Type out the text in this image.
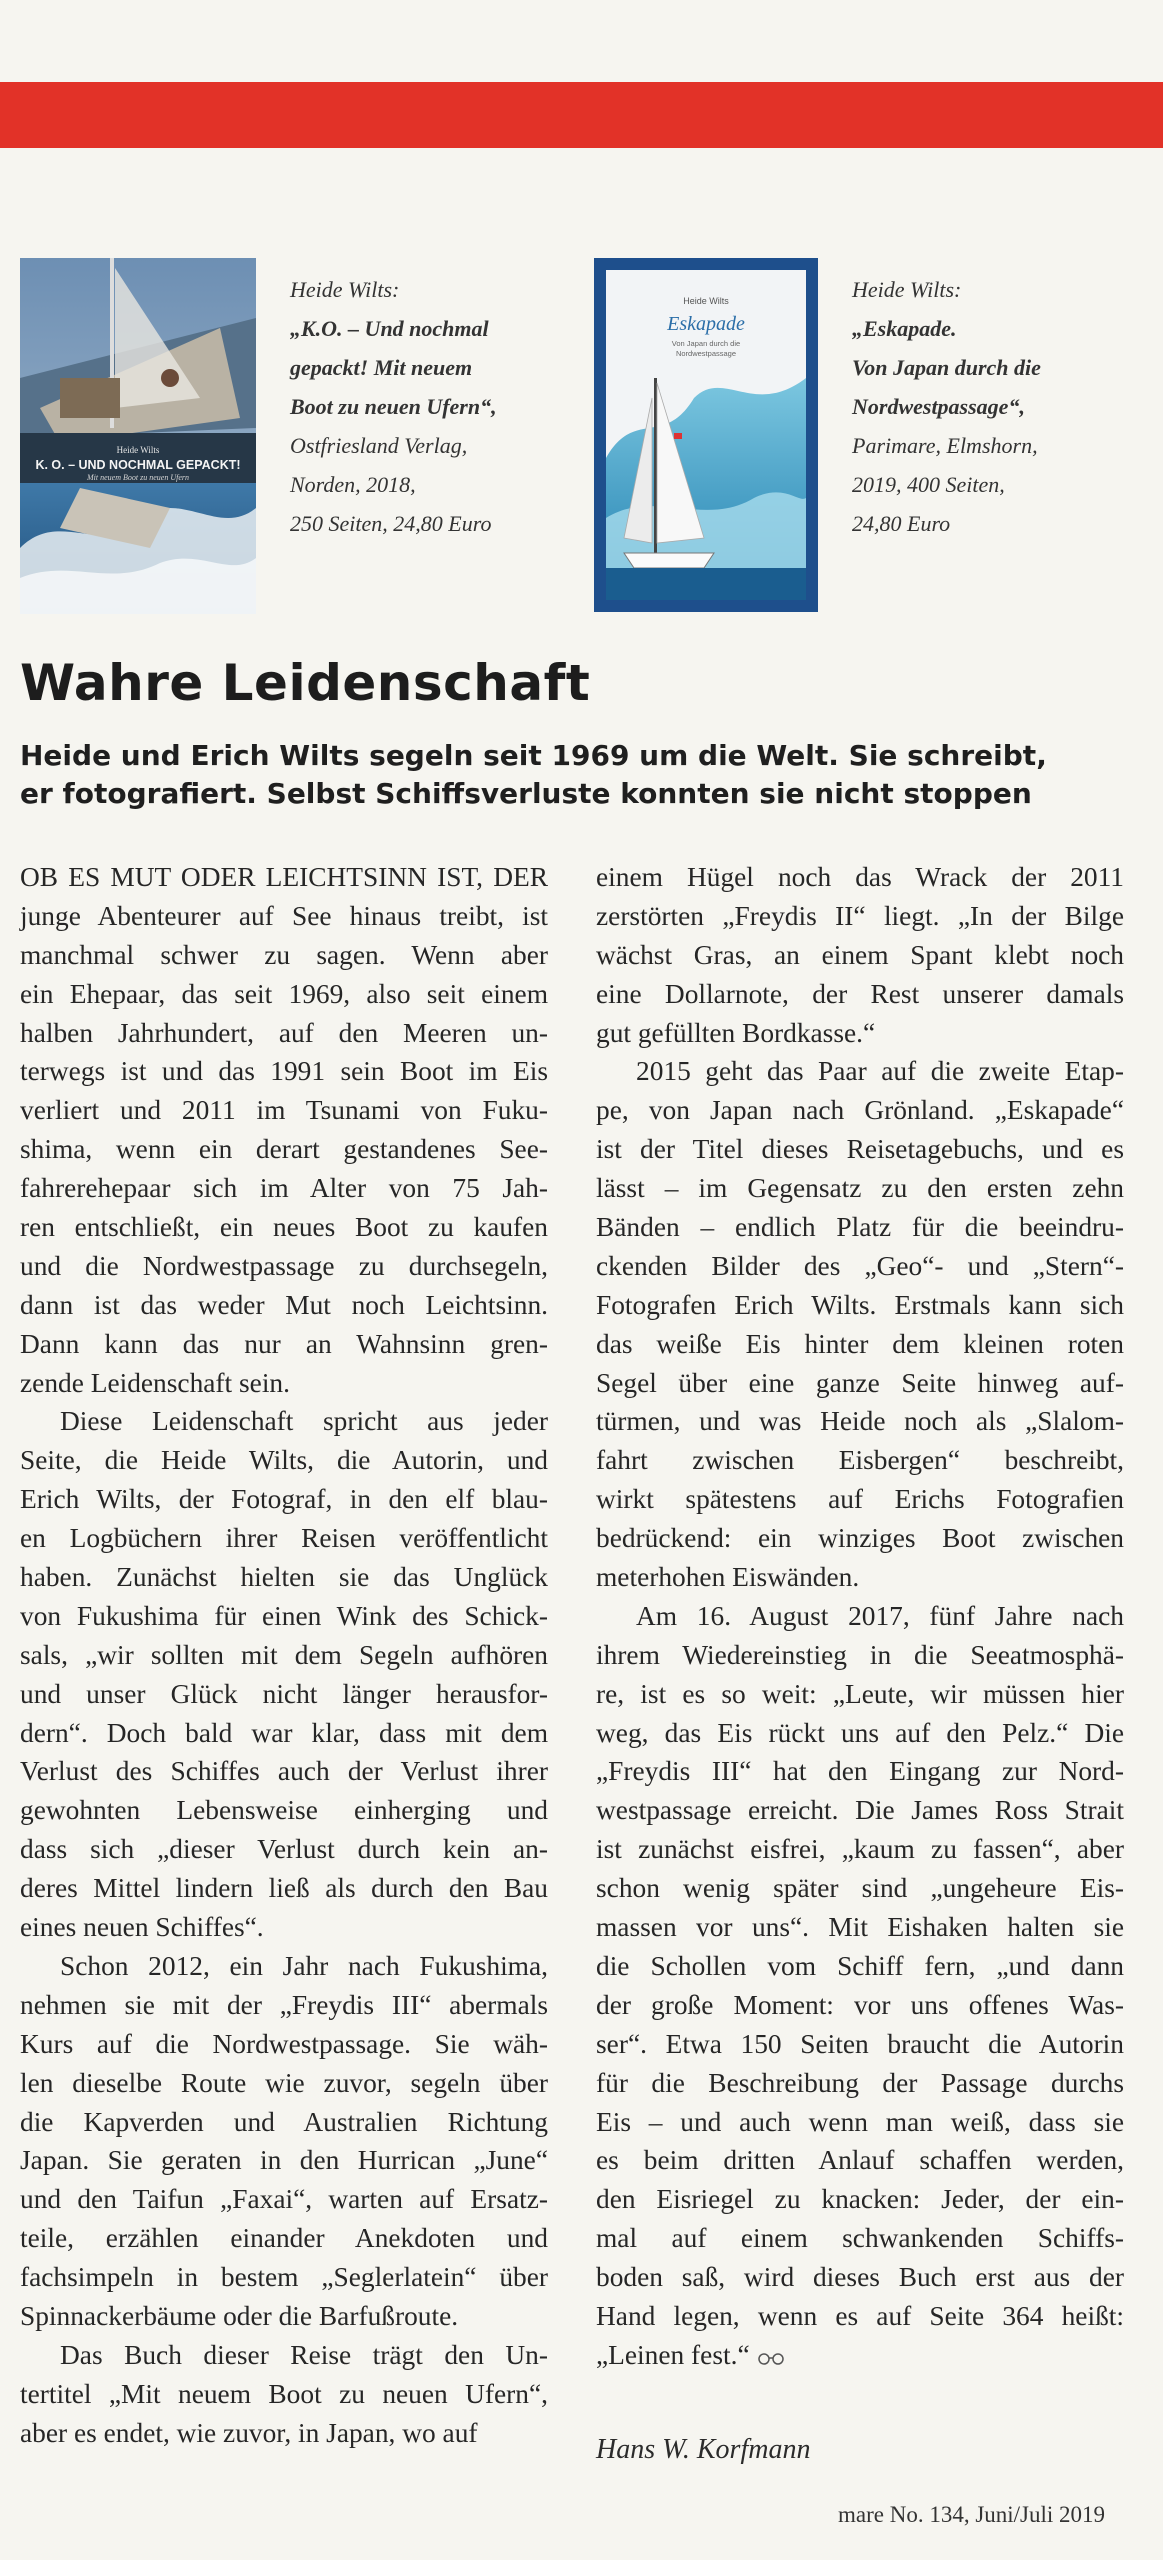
Heide Wilts
K. O. – UND NOCHMAL GEPACKT!
Mit neuem Boot zu neuen Ufern
Heide Wilts:
„K.O. – Und nochmal
gepackt! Mit neuem
Boot zu neuen Ufern“,
Ostfriesland Verlag,
Norden, 2018,
250 Seiten, 24,80 Euro
Heide Wilts
Eskapade
Von Japan durch die
Nordwestpassage
Heide Wilts:
„Eskapade.
Von Japan durch die
Nordwestpassage“,
Parimare, Elmshorn,
2019, 400 Seiten,
24,80 Euro
Wahre Leidenschaft
Heide und Erich Wilts segeln seit 1969 um die Welt. Sie schreibt,
er fotografiert. Selbst Schiffsverluste konnten sie nicht stoppen
OB ES MUT ODER LEICHTSINN IST, DER
junge Abenteurer auf See hinaus treibt, ist
manchmal schwer zu sagen. Wenn aber
ein Ehepaar, das seit 1969, also seit einem
halben Jahrhundert, auf den Meeren un-
terwegs ist und das 1991 sein Boot im Eis
verliert und 2011 im Tsunami von Fuku-
shima, wenn ein derart gestandenes See-
fahrerehepaar sich im Alter von 75 Jah-
ren entschließt, ein neues Boot zu kaufen
und die Nordwestpassage zu durchsegeln,
dann ist das weder Mut noch Leichtsinn.
Dann kann das nur an Wahnsinn gren-
zende Leidenschaft sein.
Diese Leidenschaft spricht aus jeder
Seite, die Heide Wilts, die Autorin, und
Erich Wilts, der Fotograf, in den elf blau-
en Logbüchern ihrer Reisen veröffentlicht
haben. Zunächst hielten sie das Unglück
von Fukushima für einen Wink des Schick-
sals, „wir sollten mit dem Segeln aufhören
und unser Glück nicht länger herausfor-
dern“. Doch bald war klar, dass mit dem
Verlust des Schiffes auch der Verlust ihrer
gewohnten Lebensweise einherging und
dass sich „dieser Verlust durch kein an-
deres Mittel lindern ließ als durch den Bau
eines neuen Schiffes“.
Schon 2012, ein Jahr nach Fukushima,
nehmen sie mit der „Freydis III“ abermals
Kurs auf die Nordwestpassage. Sie wäh-
len dieselbe Route wie zuvor, segeln über
die Kapverden und Australien Richtung
Japan. Sie geraten in den Hurrican „June“
und den Taifun „Faxai“, warten auf Ersatz-
teile, erzählen einander Anekdoten und
fachsimpeln in bestem „Seglerlatein“ über
Spinnackerbäume oder die Barfußroute.
Das Buch dieser Reise trägt den Un-
tertitel „Mit neuem Boot zu neuen Ufern“,
aber es endet, wie zuvor, in Japan, wo auf
einem Hügel noch das Wrack der 2011
zerstörten „Freydis II“ liegt. „In der Bilge
wächst Gras, an einem Spant klebt noch
eine Dollarnote, der Rest unserer damals
gut gefüllten Bordkasse.“
2015 geht das Paar auf die zweite Etap-
pe, von Japan nach Grönland. „Eskapade“
ist der Titel dieses Reisetagebuchs, und es
lässt – im Gegensatz zu den ersten zehn
Bänden – endlich Platz für die beeindru-
ckenden Bilder des „Geo“- und „Stern“-
Fotografen Erich Wilts. Erstmals kann sich
das weiße Eis hinter dem kleinen roten
Segel über eine ganze Seite hinweg auf-
türmen, und was Heide noch als „Slalom-
fahrt zwischen Eisbergen“ beschreibt,
wirkt spätestens auf Erichs Fotografien
bedrückend: ein winziges Boot zwischen
meterhohen Eiswänden.
Am 16. August 2017, fünf Jahre nach
ihrem Wiedereinstieg in die Seeatmosphä-
re, ist es so weit: „Leute, wir müssen hier
weg, das Eis rückt uns auf den Pelz.“ Die
„Freydis III“ hat den Eingang zur Nord-
westpassage erreicht. Die James Ross Strait
ist zunächst eisfrei, „kaum zu fassen“, aber
schon wenig später sind „ungeheure Eis-
massen vor uns“. Mit Eishaken halten sie
die Schollen vom Schiff fern, „und dann
der große Moment: vor uns offenes Was-
ser“. Etwa 150 Seiten braucht die Autorin
für die Beschreibung der Passage durchs
Eis – und auch wenn man weiß, dass sie
es beim dritten Anlauf schaffen werden,
den Eisriegel zu knacken: Jeder, der ein-
mal auf einem schwankenden Schiffs-
boden saß, wird dieses Buch erst aus der
Hand legen, wenn es auf Seite 364 heißt:
„Leinen fest.“
Hans W. Korfmann
mare No. 134, Juni/Juli 2019
